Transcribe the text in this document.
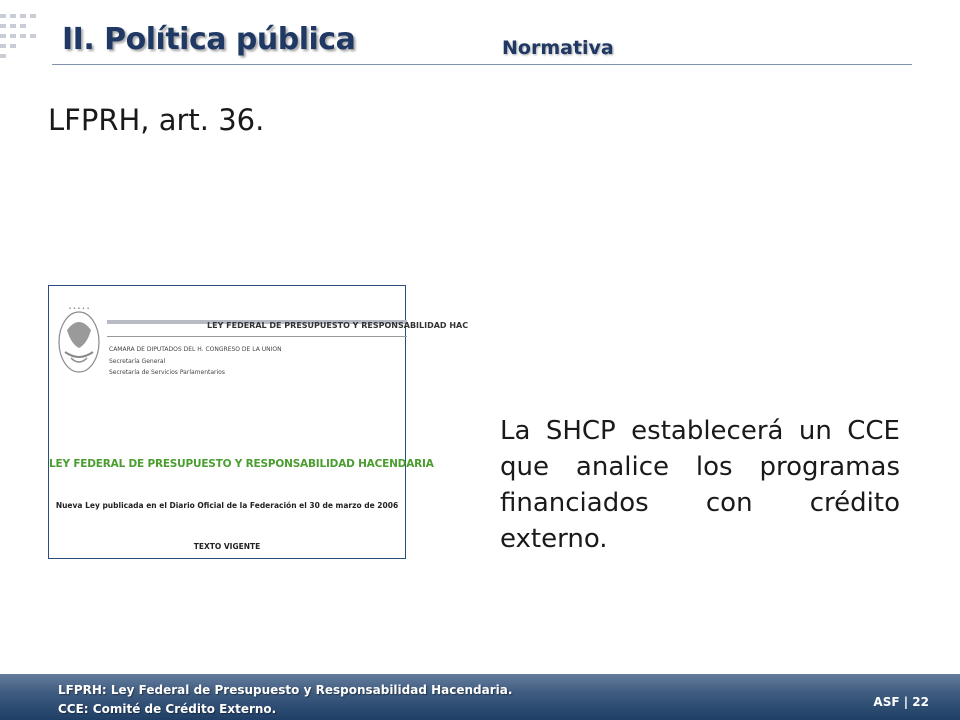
II. Política pública	Normativa
LFPRH, art. 36.
• • • • •
LEY FEDERAL DE PRESUPUESTO Y RESPONSABILIDAD HAC
CAMARA DE DIPUTADOS DEL H. CONGRESO DE LA UNION
Secretaría General
Secretaría de Servicios Parlamentarios
LEY FEDERAL DE PRESUPUESTO Y RESPONSABILIDAD HACENDARIA
Nueva Ley publicada en el Diario Oficial de la Federación el 30 de marzo de 2006
TEXTO VIGENTE
La SHCP establecerá un CCE que analice los programas financiados con crédito externo.
LFPRH: Ley Federal de Presupuesto y Responsabilidad Hacendaria.
CCE: Comité de Crédito Externo.	ASF | 22
